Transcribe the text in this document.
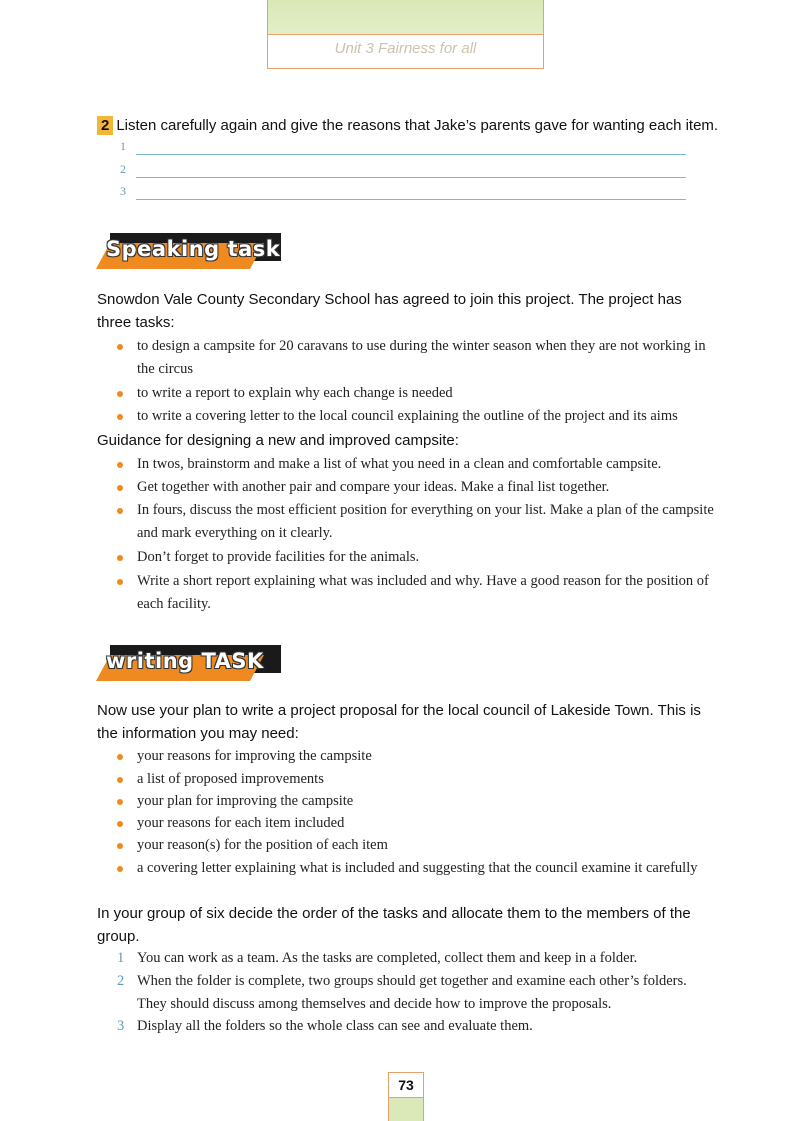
Unit 3 Fairness for all
2 Listen carefully again and give the reasons that Jake’s parents gave for wanting each item.
1
2
3
Speaking task
Snowdon Vale County Secondary School has agreed to join this project. The project has three tasks:
to design a campsite for 20 caravans to use during the winter season when they are not working in the circus
to write a report to explain why each change is needed
to write a covering letter to the local council explaining the outline of the project and its aims
Guidance for designing a new and improved campsite:
In twos, brainstorm and make a list of what you need in a clean and comfortable campsite.
Get together with another pair and compare your ideas. Make a final list together.
In fours, discuss the most efficient position for everything on your list. Make a plan of the campsite and mark everything on it clearly.
Don’t forget to provide facilities for the animals.
Write a short report explaining what was included and why. Have a good reason for the position of each facility.
writing TASK
Now use your plan to write a project proposal for the local council of Lakeside Town. This is the information you may need:
your reasons for improving the campsite
a list of proposed improvements
your plan for improving the campsite
your reasons for each item included
your reason(s) for the position of each item
a covering letter explaining what is included and suggesting that the council examine it carefully
In your group of six decide the order of the tasks and allocate them to the members of the group.
1 You can work as a team. As the tasks are completed, collect them and keep in a folder.
2 When the folder is complete, two groups should get together and examine each other’s folders. They should discuss among themselves and decide how to improve the proposals.
3 Display all the folders so the whole class can see and evaluate them.
73
